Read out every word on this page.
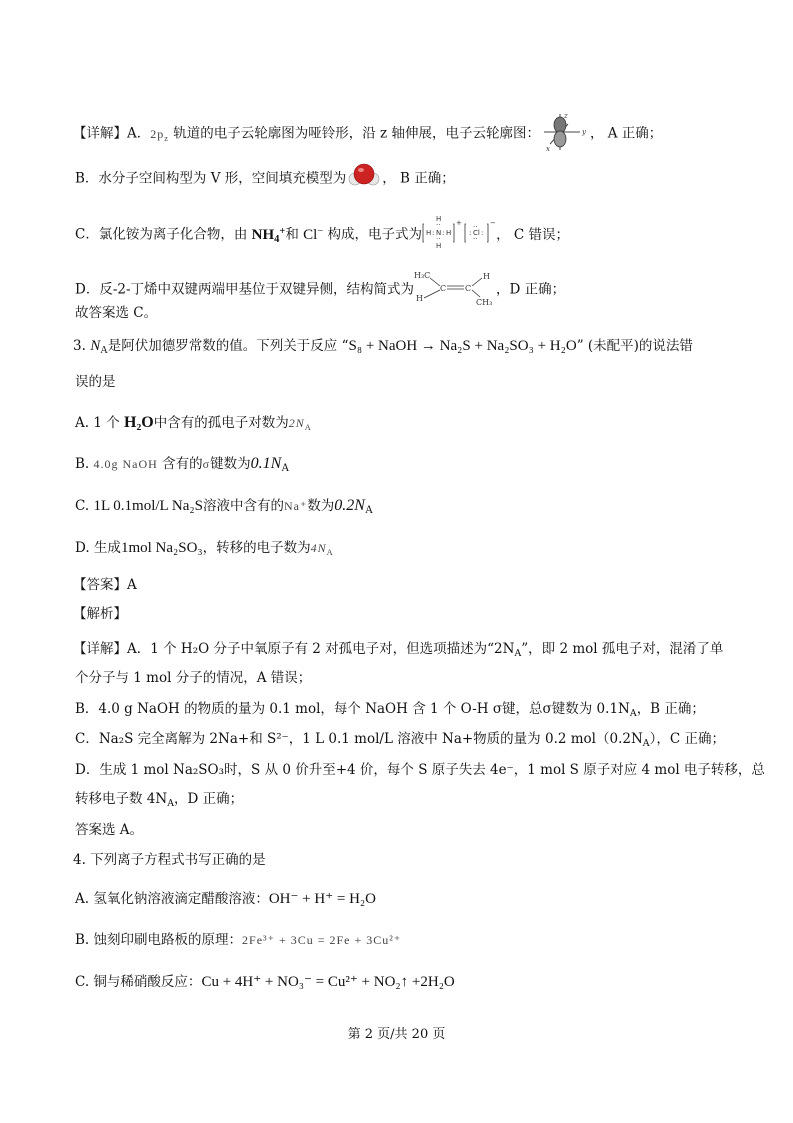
【详解】A．$2p_z$ 轨道的电子云轮廓图为哑铃形，沿 z 轴伸展，电子云轮廓图：
z
y
x
， A 正确；
B．水分子空间构型为 V 形，空间填充模型为	， B 正确；
C．氯化铵为离子化合物，由 $NH_4^+$和 Cl− 构成，电子式为 H :
H
··
N
··
H
: H
+
:
··
Cl
··
:
−
， C 错误；
D．反-2-丁烯中双键两端甲基位于双键异侧，结构简式为
H₃C
H
C C
H
CH₃
，D 正确；
故答案选 C。
3. $N_A$是阿伏加德罗常数的值。下列关于反应 “S₈ + NaOH → Na₂S + Na₂SO₃ + H₂O” (未配平)的说法错
误的是
A. 1 个 H₂O中含有的孤电子对数为$2N_A$
B. 4.0g NaOH 含有的σ键数为$0.1N_A$
C. 1L 0.1mol/L Na₂S溶液中含有的Na⁺数为$0.2N_A$
D. 生成1mol Na₂SO₃，转移的电子数为$4N_A$
【答案】A
【解析】
【详解】A．1 个 H₂O 分子中氧原子有 2 对孤电子对，但选项描述为“$2N_A$”，即 2 mol 孤电子对，混淆了单
个分子与 1 mol 分子的情况，A 错误；
B．4.0 g NaOH 的物质的量为 0.1 mol，每个 NaOH 含 1 个 O-H σ键，总σ键数为 $0.1N_A$，B 正确；
C．Na₂S 完全离解为 2Na+和 S²⁻，1 L 0.1 mol/L 溶液中 Na+物质的量为 0.2 $mol(0.2N_A)$，C 正确；
D．生成 1 mol Na₂SO₃时，S 从 0 价升至+4 价，每个 S 原子失去 4e⁻，1 mol S 原子对应 4 mol 电子转移，总
转移电子数 $4N_A$，D 正确；
答案选 A。
4. 下列离子方程式书写正确的是
A. 氢氧化钠溶液滴定醋酸溶液：OH⁻ + H⁺ = H₂O
B. 蚀刻印刷电路板的原理：2Fe³⁺ + 3Cu = 2Fe + 3Cu²⁺
C. 铜与稀硝酸反应：Cu + 4H⁺ + NO₃⁻ = Cu²⁺ + NO₂↑ +2H₂O
第 2 页/共 20 页
